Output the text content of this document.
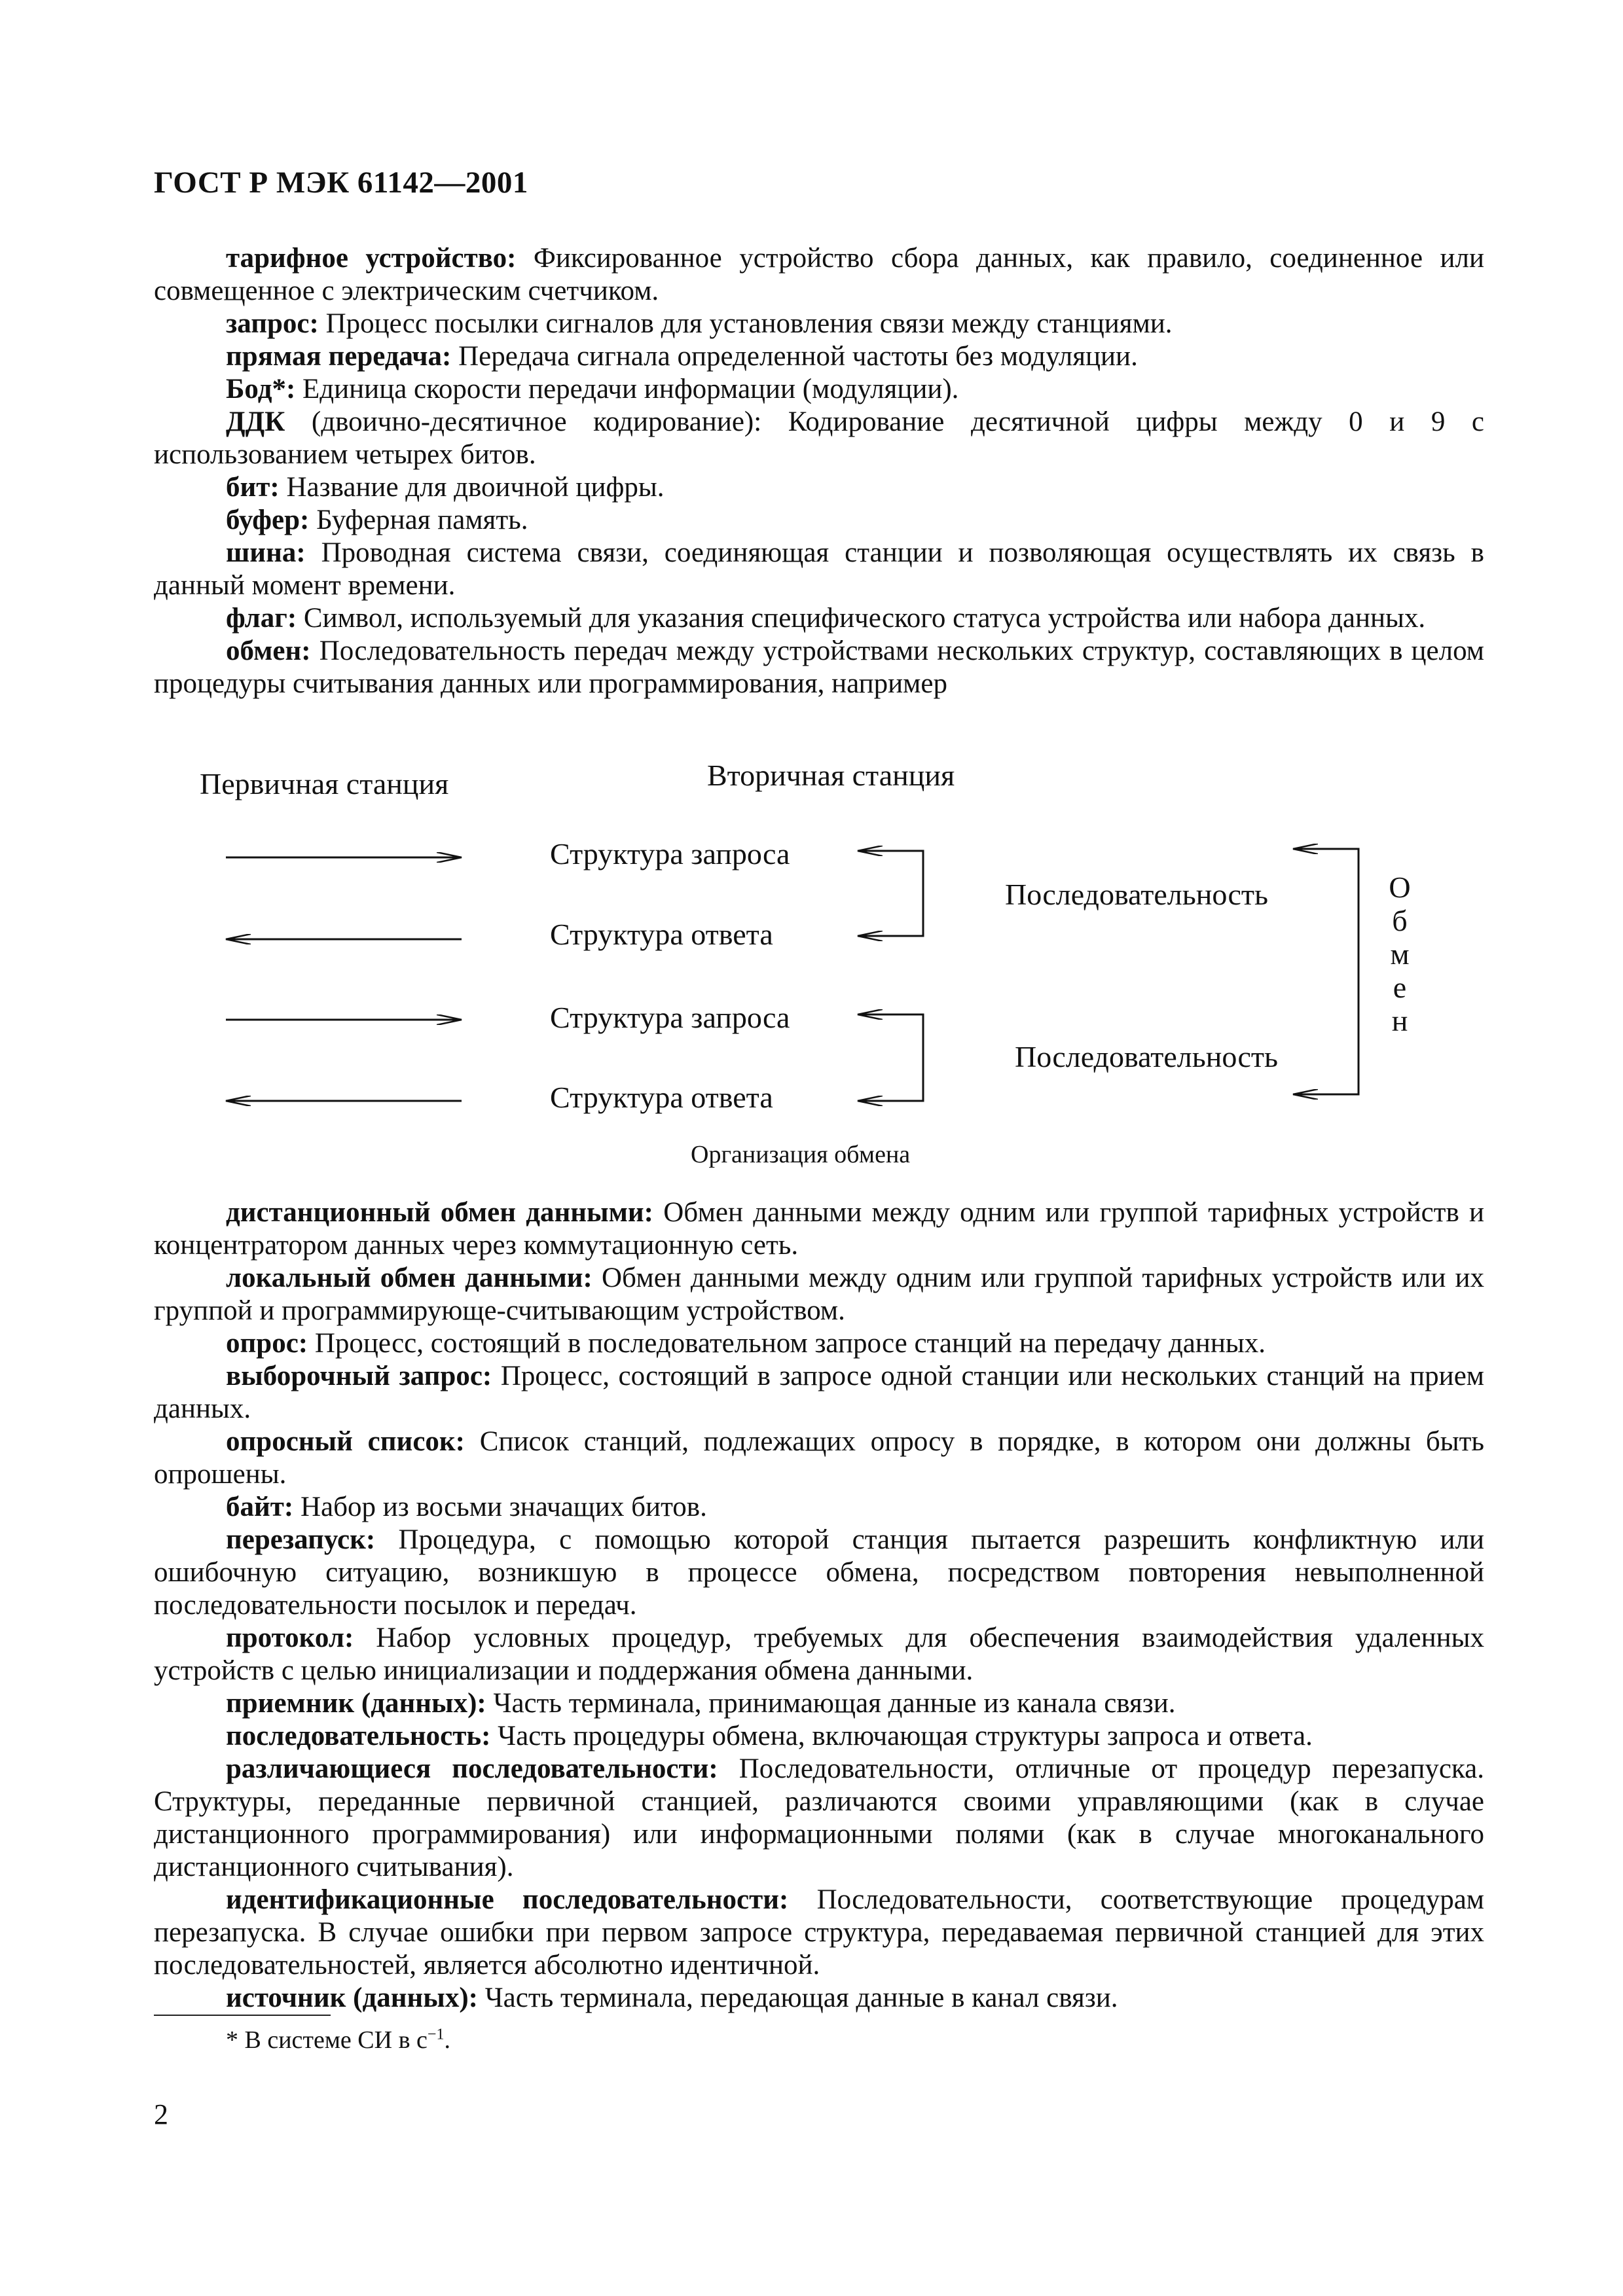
ГОСТ Р МЭК 61142—2001

тарифное устройство: Фиксированное устройство сбора данных, как правило, соединенное или совмещенное с электрическим счетчиком.

запрос: Процесс посылки сигналов для установления связи между станциями.

прямая передача: Передача сигнала определенной частоты без модуляции.

Бод*: Единица скорости передачи информации (модуляции).

ДДК (двоично-десятичное кодирование): Кодирование десятичной цифры между 0 и 9 с использованием четырех битов.

бит: Название для двоичной цифры.

буфер: Буферная память.

шина: Проводная система связи, соединяющая станции и позволяющая осуществлять их связь в данный момент времени.

флаг: Символ, используемый для указания специфического статуса устройства или набора данных.

обмен: Последовательность передач между устройствами нескольких структур, составляющих в целом процедуры считывания данных или программирования, например

Первичная станция	Вторичная станция
Структура запроса
Структура ответа
Структура запроса
Структура ответа
Последовательность
Последовательность
О
б
м
е
н
Организация обмена

дистанционный обмен данными: Обмен данными между одним или группой тарифных устройств и концентратором данных через коммутационную сеть.

локальный обмен данными: Обмен данными между одним или группой тарифных устройств или их группой и программирующе-считывающим устройством.

опрос: Процесс, состоящий в последовательном запросе станций на передачу данных.

выборочный запрос: Процесс, состоящий в запросе одной станции или нескольких станций на прием данных.

опросный список: Список станций, подлежащих опросу в порядке, в котором они должны быть опрошены.

байт: Набор из восьми значащих битов.

перезапуск: Процедура, с помощью которой станция пытается разрешить конфликтную или ошибочную ситуацию, возникшую в процессе обмена, посредством повторения невыполненной последовательности посылок и передач.

протокол: Набор условных процедур, требуемых для обеспечения взаимодействия удаленных устройств с целью инициализации и поддержания обмена данными.

приемник (данных): Часть терминала, принимающая данные из канала связи.

последовательность: Часть процедуры обмена, включающая структуры запроса и ответа.

различающиеся последовательности: Последовательности, отличные от процедур перезапуска. Структуры, переданные первичной станцией, различаются своими управляющими (как в случае дистанционного программирования) или информационными полями (как в случае многоканального дистанционного считывания).

идентификационные последовательности: Последовательности, соответствующие процедурам перезапуска. В случае ошибки при первом запросе структура, передаваемая первичной станцией для этих последовательностей, является абсолютно идентичной.

источник (данных): Часть терминала, передающая данные в канал связи.

* В системе СИ в $с^{-1}$.
2
